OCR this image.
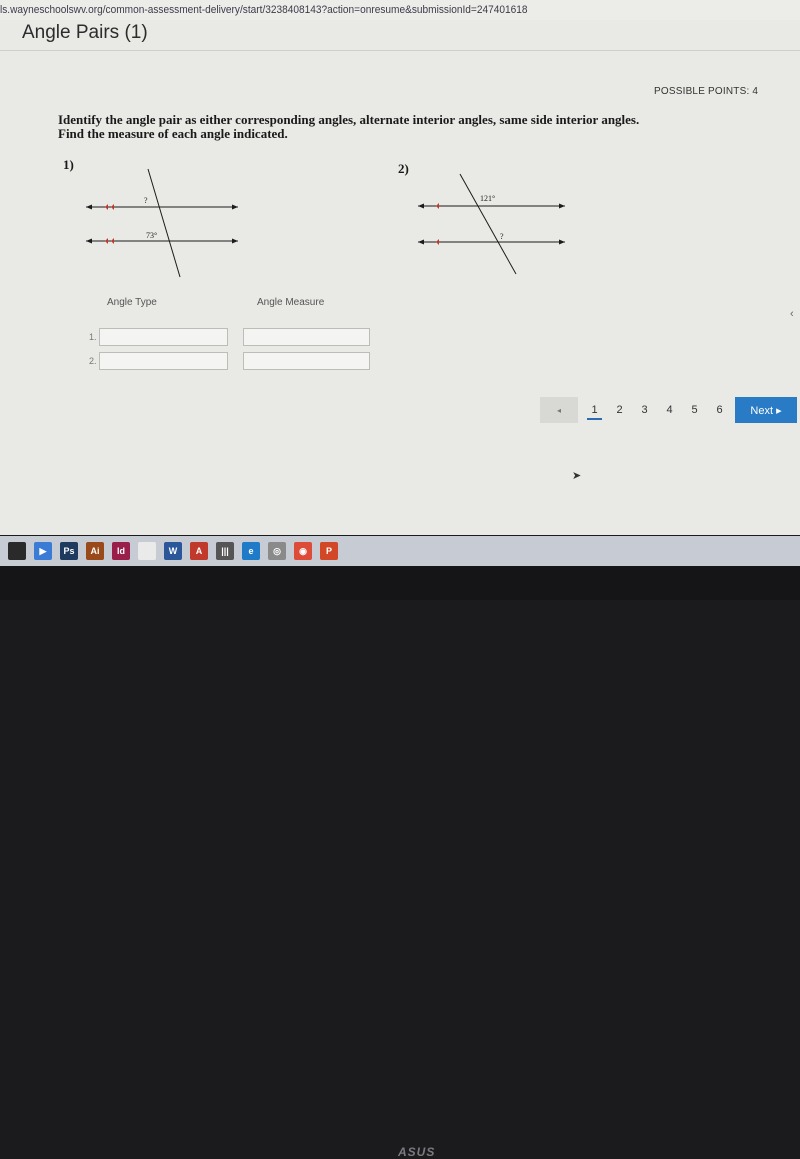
ls.wayneschoolswv.org/common-assessment-delivery/start/3238408143?action=onresume&submissionId=247401618
Angle Pairs (1)
POSSIBLE POINTS: 4
Identify the angle pair as either corresponding angles, alternate interior angles, same side interior angles.
Find the measure of each angle indicated.
1)
?
73°
2)
121°
?
Angle Type	Angle Measure
1.
2.
◂	1	2	3	4	5	6	Next ▸
‹
➤
▶	Ps	Ai	Id	W	A	|||	e	◎	◉	P
ASUS
